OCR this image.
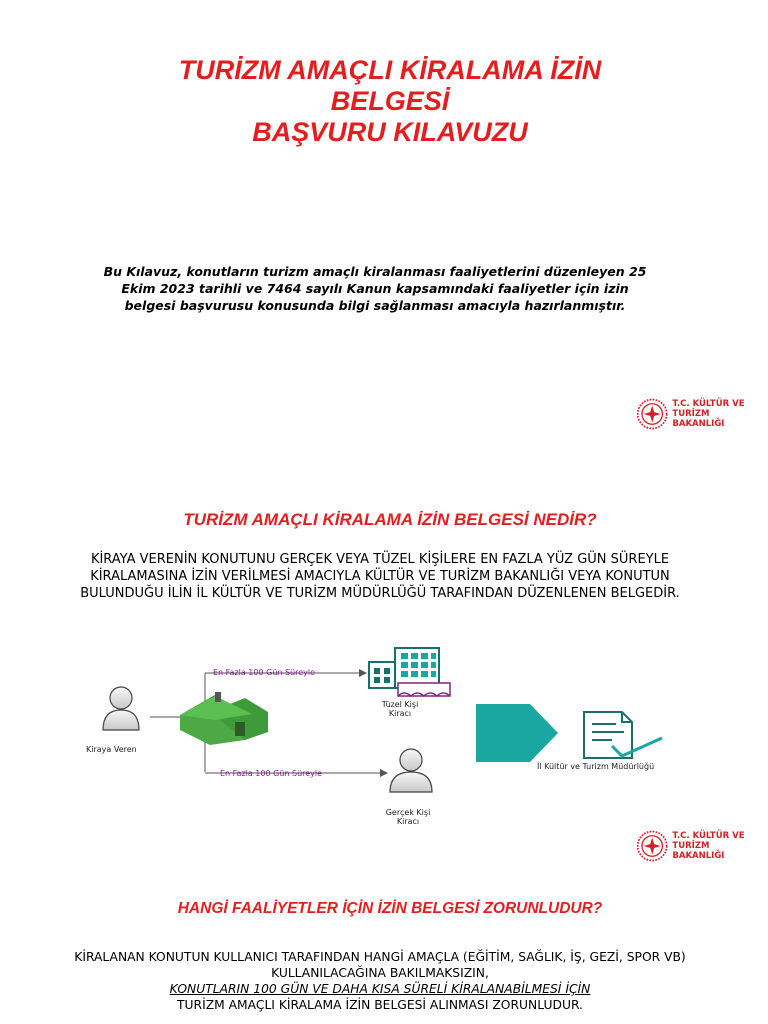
TURİZM AMAÇLI KİRALAMA İZİN
BELGESİ
BAŞVURU KILAVUZU
Bu Kılavuz, konutların turizm amaçlı kiralanması faaliyetlerini düzenleyen 25
Ekim 2023 tarihli ve 7464 sayılı Kanun kapsamındaki faaliyetler için izin
belgesi başvurusu konusunda bilgi sağlanması amacıyla hazırlanmıştır.
T.C. KÜLTÜR VE TURİZM
BAKANLIĞI
TURİZM AMAÇLI KİRALAMA İZİN BELGESİ NEDİR?
KİRAYA VERENİN KONUTUNU GERÇEK VEYA TÜZEL KİŞİLERE EN FAZLA YÜZ GÜN SÜREYLE
KİRALAMASINA İZİN VERİLMESİ AMACIYLA KÜLTÜR VE TURİZM BAKANLIĞI VEYA KONUTUN
BULUNDUĞU İLİN İL KÜLTÜR VE TURİZM MÜDÜRLÜĞÜ TARAFINDAN DÜZENLENEN BELGEDİR.
Kiraya Veren
En Fazla 100 Gün Süreyle
En Fazla 100 Gün Süreyle
Tüzel Kişi
Kiracı
Gerçek Kişi
Kiracı
İl Kültür ve Turizm Müdürlüğü
T.C. KÜLTÜR VE TURİZM
BAKANLIĞI
HANGİ FAALİYETLER İÇİN İZİN BELGESİ ZORUNLUDUR?
KİRALANAN KONUTUN KULLANICI TARAFINDAN HANGİ AMAÇLA (EĞİTİM, SAĞLIK, İŞ, GEZİ, SPOR VB)
KULLANILACAĞINA BAKILMAKSIZIN,
KONUTLARIN 100 GÜN VE DAHA KISA SÜRELİ KİRALANABİLMESİ İÇİN
TURİZM AMAÇLI KİRALAMA İZİN BELGESİ ALINMASI ZORUNLUDUR.
